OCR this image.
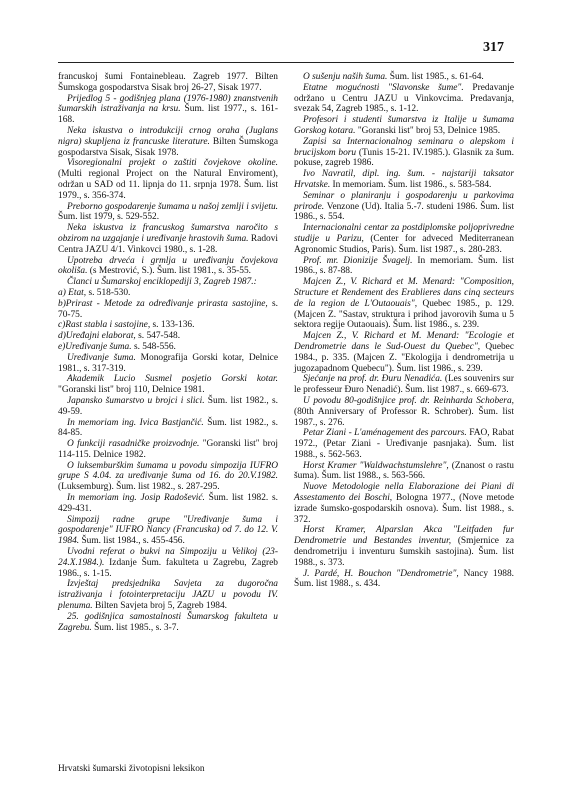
317

francuskoj šumi Fontainebleau. Zagreb 1977. Bilten Šumskoga gospodarstva Sisak broj 26-27, Sisak 1977.

Prijedlog 5 - godišnjeg plana (1976-1980) znanstvenih šumarskih istraživanja na krsu. Šum. list 1977., s. 161-168.

Neka iskustva o introdukciji crnog oraha (Juglans nigra) skupljena iz francuske literature. Bilten Šumskoga gospodarstva Sisak, Sisak 1978.

Visoregionalni projekt o zaštiti čovjekove okoline. (Multi regional Project on the Natural Enviroment), održan u SAD od 11. lipnja do 11. srpnja 1978. Šum. list 1979., s. 356-374.

Preborno gospodarenje šumama u našoj zemlji i svijetu. Šum. list 1979, s. 529-552.

Neka iskustva iz francuskog šumarstva naročito s obzirom na uzgajanje i uređivanje hrastovih šuma. Radovi Centra JAZU 4/1. Vinkovci 1980., s. 1-28.

Upotreba drveća i grmlja u uređivanju čovjekova okoliša. (s Mestrović, S.). Šum. list 1981., s. 35-55.

Članci u Šumarskoj enciklopediji 3, Zagreb 1987.:

a) Etat, s. 518-530.

b)Prirast - Metode za određivanje prirasta sastojine, s. 70-75.

c)Rast stabla i sastojine, s. 133-136.

d)Uređajni elaborat, s. 547-548.

e)Uređivanje šuma. s. 548-556.

Uređivanje šuma. Monografija Gorski kotar, Delnice 1981., s. 317-319.

Akademik Lucio Susmel posjetio Gorski kotar. "Goranski list" broj 110, Delnice 1981.

Japansko šumarstvo u brojci i slici. Šum. list 1982., s. 49-59.

In memoriam ing. Ivica Bastjančić. Šum. list 1982., s. 84-85.

O funkciji rasadničke proizvodnje. "Goranski list" broj 114-115. Delnice 1982.

O luksemburškim šumama u povodu simpozija IUFRO grupe S 4.04. za uređivanje šuma od 16. do 20.V.1982. (Luksemburg). Šum. list 1982., s. 287-295.

In memoriam ing. Josip Radošević. Šum. list 1982. s. 429-431.

Simpozij radne grupe "Uređivanje šuma i gospodarenje" IUFRO Nancy (Francuska) od 7. do 12. V. 1984. Šum. list 1984., s. 455-456.

Uvodni referat o bukvi na Simpoziju u Velikoj (23-24.X.1984.). Izdanje Šum. fakulteta u Zagrebu, Zagreb 1986., s. 1-15.

Izvještaj predsjednika Savjeta za dugoročna istraživanja i fotointerpretaciju JAZU u povodu IV. plenuma. Bilten Savjeta broj 5, Zagreb 1984.

25. godišnjica samostalnosti Šumarskog fakulteta u Zagrebu. Šum. list 1985., s. 3-7.

O sušenju naših šuma. Šum. list 1985., s. 61-64.

Etatne mogućnosti "Slavonske šume". Predavanje održano u Centru JAZU u Vinkovcima. Predavanja, svezak 54, Zagreb 1985., s. 1-12.

Profesori i studenti šumarstva iz Italije u šumama Gorskog kotara. "Goranski list" broj 53, Delnice 1985.

Zapisi sa Internacionalnog seminara o alepskom i brucijskom boru (Tunis 15-21. IV.1985.). Glasnik za šum. pokuse, zagreb 1986.

Ivo Navratil, dipl. ing. šum. - najstariji taksator Hrvatske. In memoriam. Šum. list 1986., s. 583-584.

Seminar o planiranju i gospodarenju u parkovima prirode. Venzone (Ud). Italia 5.-7. studeni 1986. Šum. list 1986., s. 554.

Internacionalni centar za postdiplomske poljoprivredne studije u Parizu, (Center for adveced Mediterranean Agronomic Studios, Paris). Šum. list 1987., s. 280-283.

Prof. mr. Dionizije Švagelj. In memoriam. Šum. list 1986., s. 87-88.

Majcen Z., V. Richard et M. Menard: "Composition, Structure et Rendement des Erablieres dans cinq secteurs de la region de L'Outaouais", Quebec 1985., p. 129. (Majcen Z. "Sastav, struktura i prihod javorovih šuma u 5 sektora regije Outaouais). Šum. list 1986., s. 239.

Majcen Z., V. Richard et M. Menard: "Ecologie et Dendrometrie dans le Sud-Ouest du Quebec", Quebec 1984., p. 335. (Majcen Z. "Ekologija i dendrometrija u jugozapadnom Quebecu"). Šum. list 1986., s. 239.

Sjećanje na prof. dr. Đuru Nenadića. (Les souvenirs sur le professeur Đuro Nenadić). Šum. list 1987., s. 669-673.

U povodu 80-godišnjice prof. dr. Reinharda Schobera, (80th Anniversary of Professor R. Schrober). Šum. list 1987., s. 276.

Petar Ziani - L'aménagement des parcours. FAO, Rabat 1972., (Petar Ziani - Uređivanje pasnjaka). Šum. list 1988., s. 562-563.

Horst Kramer "Waldwachstumslehre", (Znanost o rastu šuma). Šum. list 1988., s. 563-566.

Nuove Metodologie nella Elaborazione dei Piani di Assestamento dei Boschi, Bologna 1977., (Nove metode izrade šumsko-gospodarskih osnova). Šum. list 1988., s. 372.

Horst Kramer, Alparslan Akca "Leitfaden fur Dendrometrie und Bestandes inventur, (Smjernice za dendrometriju i inventuru šumskih sastojina). Šum. list 1988., s. 373.

J. Pardé, H. Bouchon "Dendrometrie", Nancy 1988. Šum. list 1988., s. 434.

Hrvatski šumarski životopisni leksikon
